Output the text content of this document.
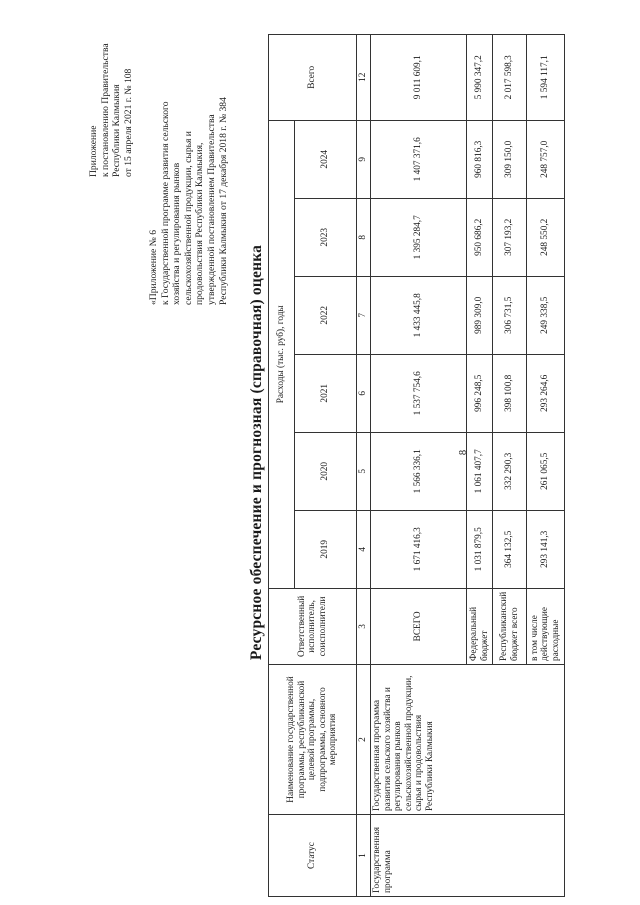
Приложение к постановлению Правительства Республики Калмыкия от 15 апреля 2021 г. № 108
«Приложение № 6 к Государственной программе развития сельского хозяйства и регулирования рынков сельскохозяйственной продукции, сырья и продовольствия Республики Калмыкия, утвержденной постановлением Правительства Республики Калмыкия от 17 декабря 2018 г. № 384
Ресурсное обеспечение и прогнозная (справочная) оценка
Статус	Наименование государственной программы, республиканской целевой программы, подпрограммы, основного мероприятия	Ответственный исполнитель, соисполнители	Расходы (тыс. руб), годы						Всего
			2019	2020	2021	2022	2023	2024	
1	2	3	4	5	6	7	8	9	12
Государственная программа	Государственная программа развития сельского хозяйства и регулирования рынков сельскохозяйственной продукции, сырья и продовольствия Республики Калмыкия	ВСЕГО	1 671 416,3	1 566 336,1	1 537 754,6	1 433 445,8	1 395 284,7	1 407 371,6	9 011 609,1
		Федеральный бюджет	1 031 879,5	1 061 407,7	996 248,5	989 309,0	950 686,2	960 816,3	5 990 347,2
		Республиканский бюджет всего	364 132,5	332 290,3	398 100,8	306 731,5	307 193,2	309 150,0	2 017 598,3
		в том числе действующие расходные	293 141,3	261 065,5	293 264,6	249 338,5	248 550,2	248 757,0	1 594 117,1
8
